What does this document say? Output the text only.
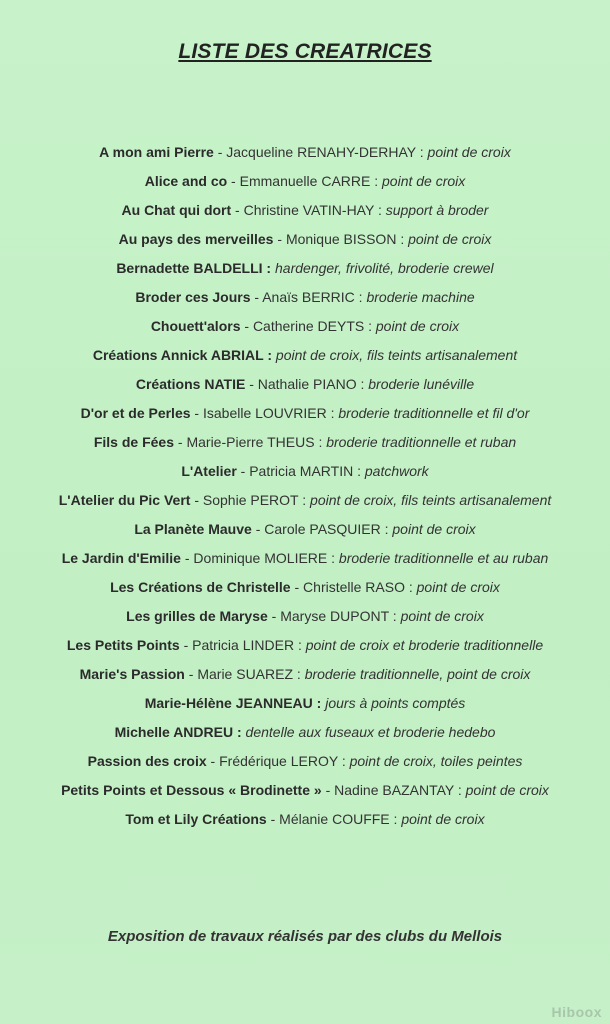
LISTE DES CREATRICES
A mon ami Pierre - Jacqueline RENAHY-DERHAY : point de croix
Alice and co - Emmanuelle CARRE : point de croix
Au Chat qui dort - Christine VATIN-HAY : support à broder
Au pays des merveilles - Monique BISSON : point de croix
Bernadette BALDELLI : hardenger, frivolité, broderie crewel
Broder ces Jours - Anaïs BERRIC : broderie machine
Chouett'alors - Catherine DEYTS : point de croix
Créations Annick ABRIAL : point de croix, fils teints artisanalement
Créations NATIE - Nathalie PIANO : broderie lunéville
D'or et de Perles - Isabelle LOUVRIER : broderie traditionnelle et fil d'or
Fils de Fées - Marie-Pierre THEUS : broderie traditionnelle et ruban
L'Atelier - Patricia MARTIN : patchwork
L'Atelier du Pic Vert - Sophie PEROT : point de croix, fils teints artisanalement
La Planète Mauve - Carole PASQUIER : point de croix
Le Jardin d'Emilie - Dominique MOLIERE : broderie traditionnelle et au ruban
Les Créations de Christelle - Christelle RASO : point de croix
Les grilles de Maryse - Maryse DUPONT : point de croix
Les Petits Points - Patricia LINDER : point de croix et broderie traditionnelle
Marie's Passion - Marie SUAREZ : broderie traditionnelle, point de croix
Marie-Hélène JEANNEAU : jours à points comptés
Michelle ANDREU : dentelle aux fuseaux et broderie hedebo
Passion des croix - Frédérique LEROY : point de croix, toiles peintes
Petits Points et Dessous « Brodinette » - Nadine BAZANTAY : point de croix
Tom et Lily Créations - Mélanie COUFFE : point de croix
Exposition de travaux réalisés par des clubs du Mellois
Hiboox
